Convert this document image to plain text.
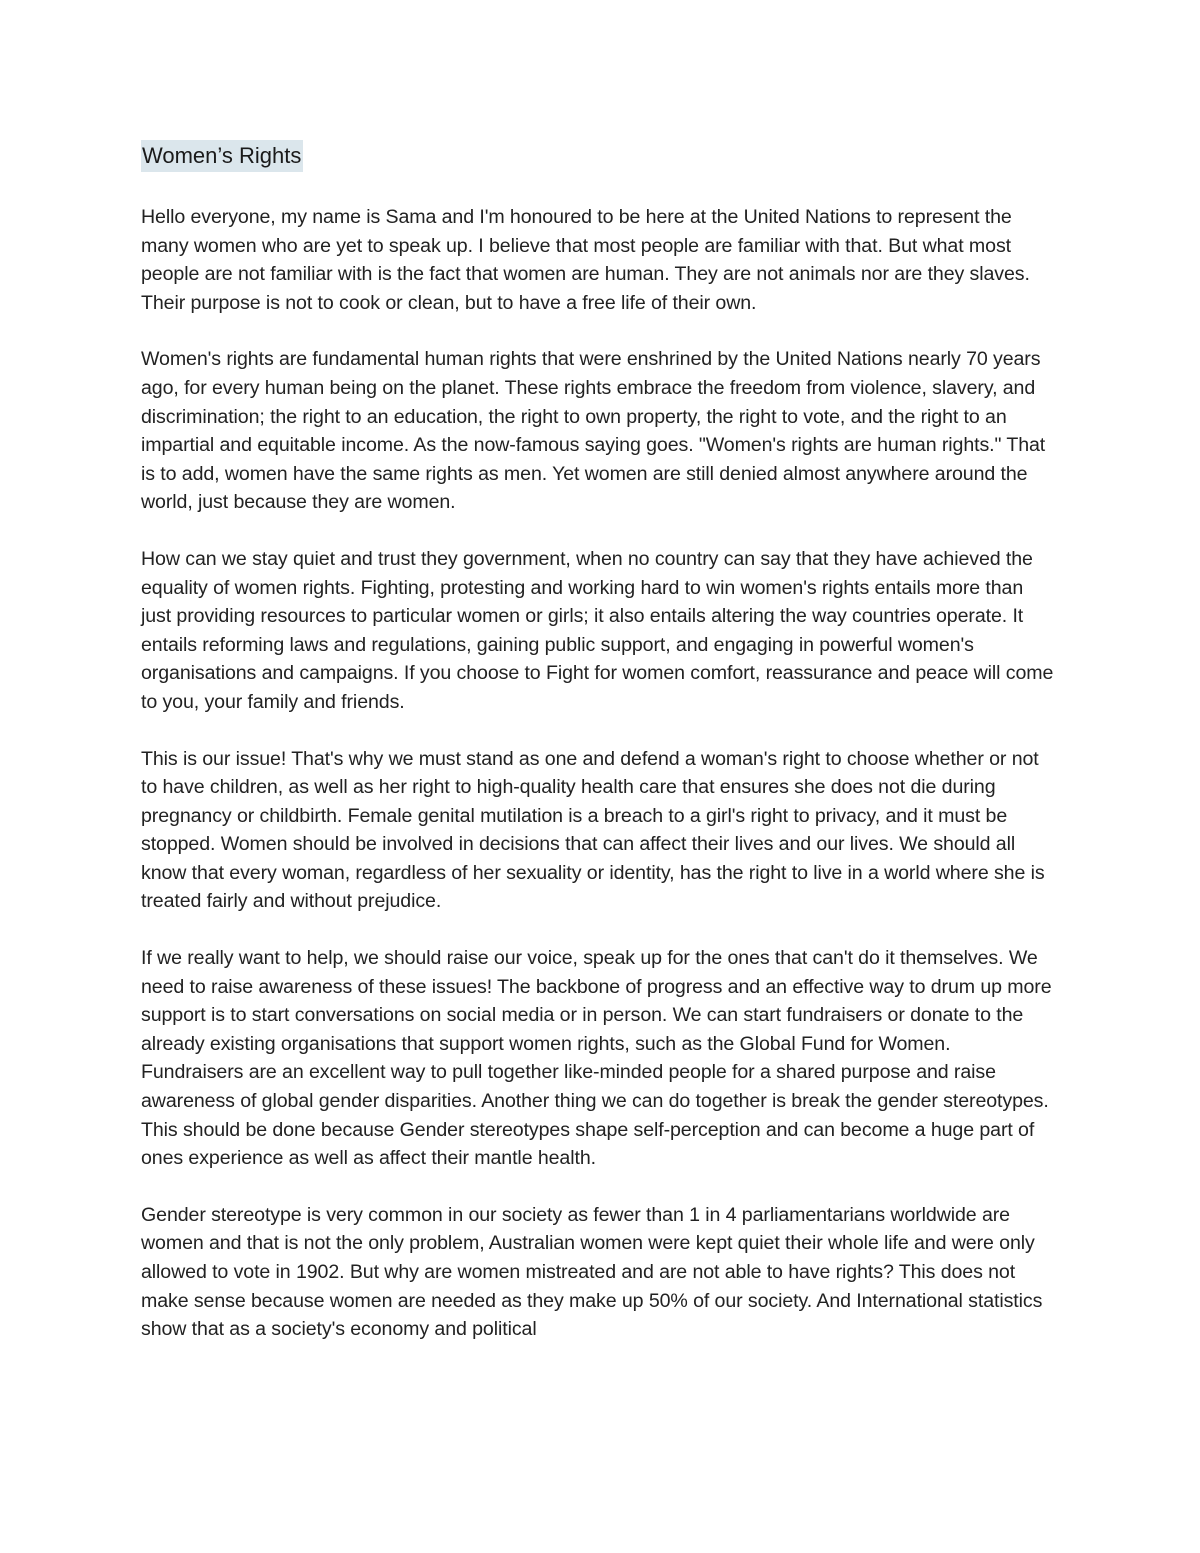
Women’s Rights

Hello everyone, my name is Sama and I'm honoured to be here at the United Nations to represent the many women who are yet to speak up. I believe that most people are familiar with that. But what most people are not familiar with is the fact that women are human. They are not animals nor are they slaves. Their purpose is not to cook or clean, but to have a free life of their own.

Women's rights are fundamental human rights that were enshrined by the United Nations nearly 70 years ago, for every human being on the planet. These rights embrace the freedom from violence, slavery, and discrimination; the right to an education, the right to own property, the right to vote, and the right to an impartial and equitable income. As the now-famous saying goes. "Women's rights are human rights." That is to add, women have the same rights as men. Yet women are still denied almost anywhere around the world, just because they are women.

How can we stay quiet and trust they government, when no country can say that they have achieved the equality of women rights. Fighting, protesting and working hard to win women's rights entails more than just providing resources to particular women or girls; it also entails altering the way countries operate. It entails reforming laws and regulations, gaining public support, and engaging in powerful women's organisations and campaigns. If you choose to Fight for women comfort, reassurance and peace will come to you, your family and friends.

This is our issue! That's why we must stand as one and defend a woman's right to choose whether or not to have children, as well as her right to high-quality health care that ensures she does not die during pregnancy or childbirth. Female genital mutilation is a breach to a girl's right to privacy, and it must be stopped. Women should be involved in decisions that can affect their lives and our lives. We should all know that every woman, regardless of her sexuality or identity, has the right to live in a world where she is treated fairly and without prejudice.

If we really want to help, we should raise our voice, speak up for the ones that can't do it themselves. We need to raise awareness of these issues! The backbone of progress and an effective way to drum up more support is to start conversations on social media or in person. We can start fundraisers or donate to the already existing organisations that support women rights, such as the Global Fund for Women. Fundraisers are an excellent way to pull together like-minded people for a shared purpose and raise awareness of global gender disparities. Another thing we can do together is break the gender stereotypes. This should be done because Gender stereotypes shape self-perception and can become a huge part of ones experience as well as affect their mantle health.

Gender stereotype is very common in our society as fewer than 1 in 4 parliamentarians worldwide are women and that is not the only problem, Australian women were kept quiet their whole life and were only allowed to vote in 1902. But why are women mistreated and are not able to have rights? This does not make sense because women are needed as they make up 50% of our society. And International statistics show that as a society's economy and political
